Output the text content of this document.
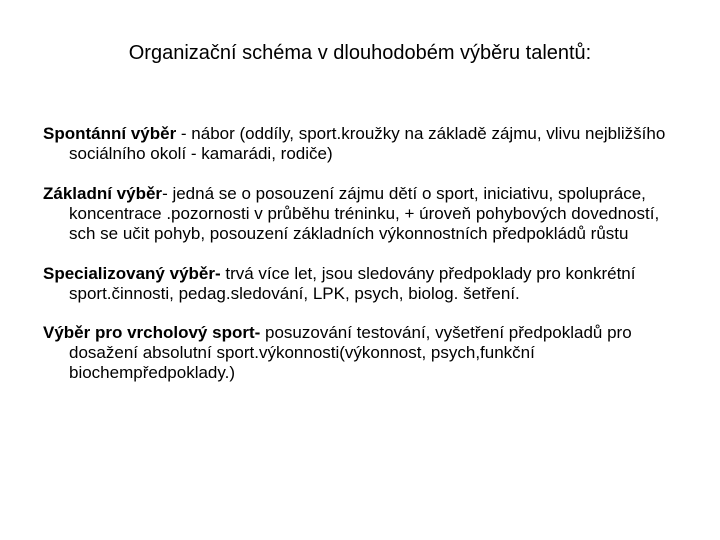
Organizační schéma v dlouhodobém výběru talentů:

Spontánní výběr - nábor (oddíly, sport.kroužky na základě zájmu, vlivu nejbližšího sociálního okolí - kamarádi, rodiče)

Základní výběr- jedná se o posouzení zájmu dětí o sport, iniciativu, spolupráce, koncentrace .pozornosti v průběhu tréninku, + úroveň pohybových dovedností, sch se učit pohyb, posouzení základních výkonnostních předpokládů růstu

Specializovaný výběr- trvá více let, jsou sledovány předpoklady pro konkrétní sport.činnosti, pedag.sledování, LPK, psych, biolog. šetření.

Výběr pro vrcholový sport- posuzování testování, vyšetření předpokladů pro dosažení absolutní sport.výkonnosti(výkonnost, psych,funkční biochempředpoklady.)
